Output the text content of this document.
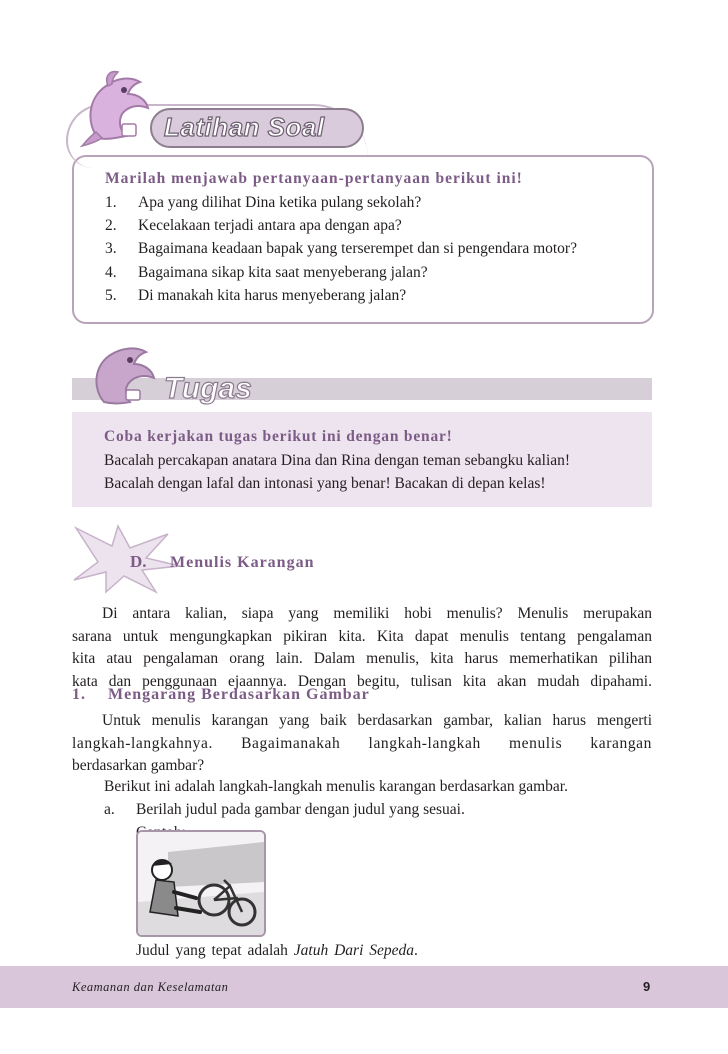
Latihan Soal
Marilah menjawab pertanyaan-pertanyaan berikut ini!
1. Apa yang dilihat Dina ketika pulang sekolah?
2. Kecelakaan terjadi antara apa dengan apa?
3. Bagaimana keadaan bapak yang terserempet dan si pengendara motor?
4. Bagaimana sikap kita saat menyeberang jalan?
5. Di manakah kita harus menyeberang jalan?
Tugas
Coba kerjakan tugas berikut ini dengan benar!
Bacalah percakapan anatara Dina dan Rina dengan teman sebangku kalian!
Bacalah dengan lafal dan intonasi yang benar! Bacakan di depan kelas!
D. Menulis Karangan

Di antara kalian, siapa yang memiliki hobi menulis? Menulis merupakan

sarana untuk mengungkapkan pikiran kita. Kita dapat menulis tentang pengalaman

kita atau pengalaman orang lain. Dalam menulis, kita harus memerhatikan pilihan

kata dan penggunaan ejaannya. Dengan begitu, tulisan kita akan mudah dipahami.

1. Mengarang Berdasarkan Gambar

Untuk menulis karangan yang baik berdasarkan gambar, kalian harus mengerti

langkah-langkahnya. Bagaimanakah langkah-langkah menulis karangan

berdasarkan gambar?

Berikut ini adalah langkah-langkah menulis karangan berdasarkan gambar.
a. Berilah judul pada gambar dengan judul yang sesuai.
Judul yang tepat adalah Jatuh Dari Sepeda.
Keamanan dan Keselamatan	9
